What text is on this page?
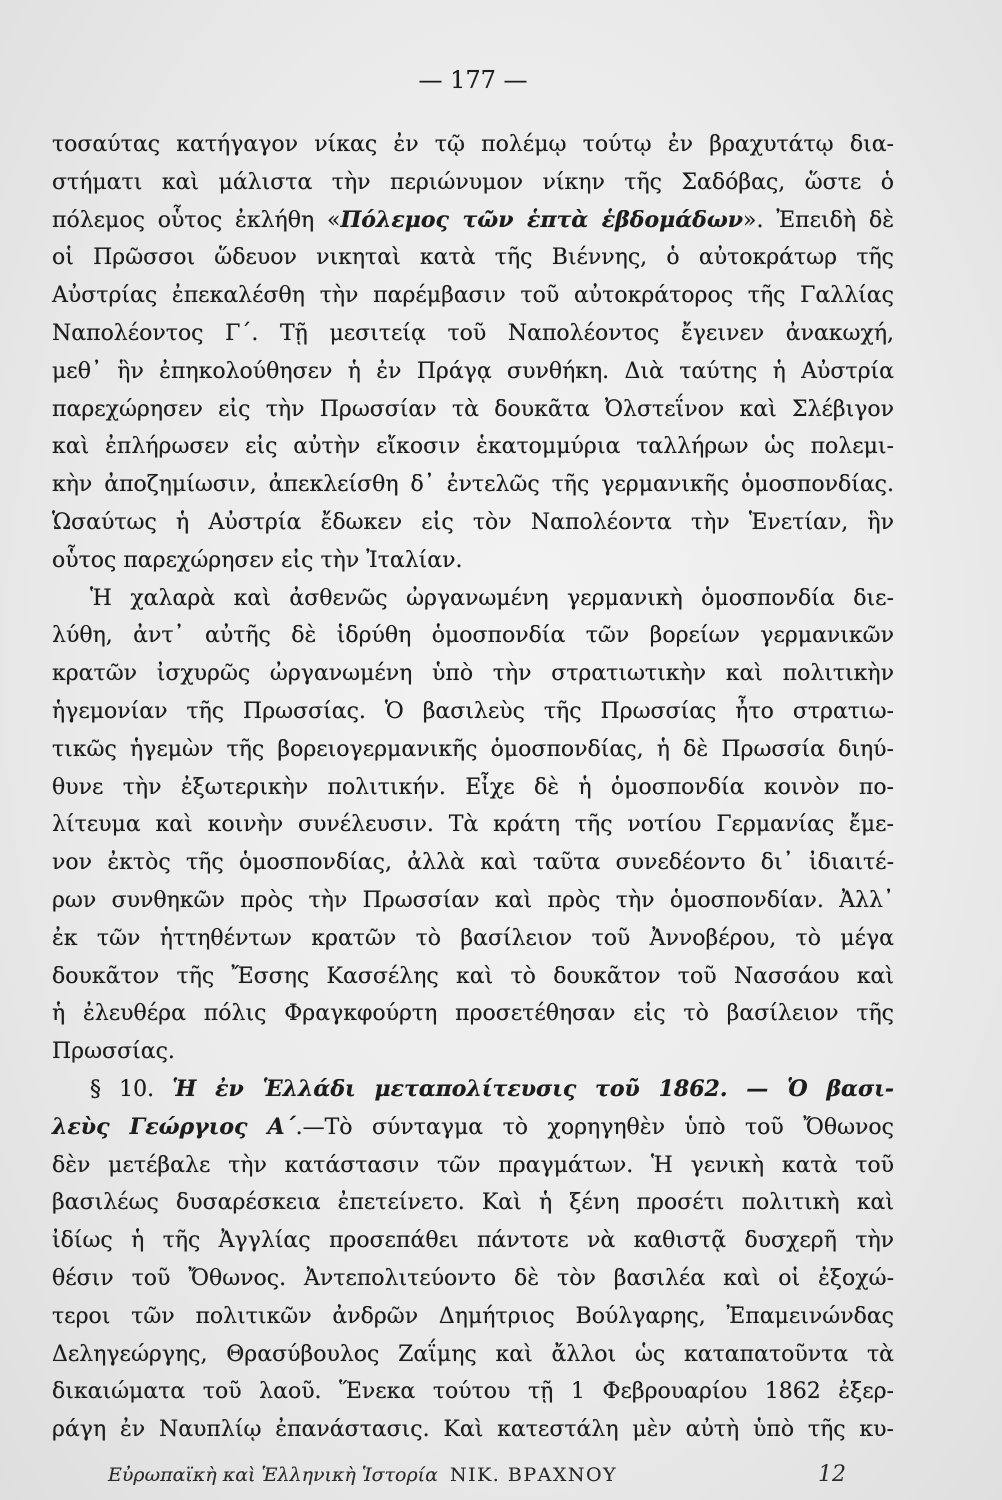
— 177 —
τοσαύτας κατήγαγον νίκας ἐν τῷ πολέμῳ τούτῳ ἐν βραχυτάτῳ δια-
στήματι καὶ μάλιστα τὴν περιώνυμον νίκην τῆς Σαδόβας, ὥστε ὁ
πόλεμος οὗτος ἐκλήθη «Πόλεμος τῶν ἑπτὰ ἑβδομάδων». Ἐπειδὴ δὲ
οἱ Πρῶσσοι ὥδευον νικηταὶ κατὰ τῆς Βιέννης, ὁ αὐτοκράτωρ τῆς
Αὐστρίας ἐπεκαλέσθη τὴν παρέμβασιν τοῦ αὐτοκράτορος τῆς Γαλλίας
Ναπολέοντος Γ΄. Τῇ μεσιτείᾳ τοῦ Ναπολέοντος ἔγεινεν ἀνακωχή,
μεθ᾽ ἣν ἐπηκολούθησεν ἡ ἐν Πράγᾳ συνθήκη. Διὰ ταύτης ἡ Αὐστρία
παρεχώρησεν εἰς τὴν Πρωσσίαν τὰ δουκᾶτα Ὀλστεΐνον καὶ Σλέβιγον
καὶ ἐπλήρωσεν εἰς αὐτὴν εἴκοσιν ἑκατομμύρια ταλλήρων ὡς πολεμι-
κὴν ἀποζημίωσιν, ἀπεκλείσθη δ᾽ ἐντελῶς τῆς γερμανικῆς ὁμοσπονδίας.
Ὡσαύτως ἡ Αὐστρία ἔδωκεν εἰς τὸν Ναπολέοντα τὴν Ἑνετίαν, ἣν
οὗτος παρεχώρησεν εἰς τὴν Ἰταλίαν.
Ἡ χαλαρὰ καὶ ἀσθενῶς ὠργανωμένη γερμανικὴ ὁμοσπονδία διε-
λύθη, ἀντ᾽ αὐτῆς δὲ ἱδρύθη ὁμοσπονδία τῶν βορείων γερμανικῶν
κρατῶν ἰσχυρῶς ὠργανωμένη ὑπὸ τὴν στρατιωτικὴν καὶ πολιτικὴν
ἡγεμονίαν τῆς Πρωσσίας. Ὁ βασιλεὺς τῆς Πρωσσίας ἦτο στρατιω-
τικῶς ἡγεμὼν τῆς βορειογερμανικῆς ὁμοσπονδίας, ἡ δὲ Πρωσσία διηύ-
θυνε τὴν ἐξωτερικὴν πολιτικήν. Εἶχε δὲ ἡ ὁμοσπονδία κοινὸν πο-
λίτευμα καὶ κοινὴν συνέλευσιν. Τὰ κράτη τῆς νοτίου Γερμανίας ἔμε-
νον ἐκτὸς τῆς ὁμοσπονδίας, ἀλλὰ καὶ ταῦτα συνεδέοντο δι᾽ ἰδιαιτέ-
ρων συνθηκῶν πρὸς τὴν Πρωσσίαν καὶ πρὸς τὴν ὁμοσπονδίαν. Ἀλλ᾽
ἐκ τῶν ἡττηθέντων κρατῶν τὸ βασίλειον τοῦ Ἀννοβέρου, τὸ μέγα
δουκᾶτον τῆς Ἔσσης Κασσέλης καὶ τὸ δουκᾶτον τοῦ Νασσάου καὶ
ἡ ἐλευθέρα πόλις Φραγκφούρτη προσετέθησαν εἰς τὸ βασίλειον τῆς
Πρωσσίας.
§ 10. Ἡ ἐν Ἑλλάδι μεταπολίτευσις τοῦ 1862. — Ὁ βασι-
λεὺς Γεώργιος Α΄.—Τὸ σύνταγμα τὸ χορηγηθὲν ὑπὸ τοῦ Ὄθωνος
δὲν μετέβαλε τὴν κατάστασιν τῶν πραγμάτων. Ἡ γενικὴ κατὰ τοῦ
βασιλέως δυσαρέσκεια ἐπετείνετο. Καὶ ἡ ξένη προσέτι πολιτικὴ καὶ
ἰδίως ἡ τῆς Ἀγγλίας προσεπάθει πάντοτε νὰ καθιστᾷ δυσχερῆ τὴν
θέσιν τοῦ Ὄθωνος. Ἀντεπολιτεύοντο δὲ τὸν βασιλέα καὶ οἱ ἐξοχώ-
τεροι τῶν πολιτικῶν ἀνδρῶν Δημήτριος Βούλγαρης, Ἐπαμεινώνδας
Δεληγεώργης, Θρασύβουλος Ζαΐμης καὶ ἄλλοι ὡς καταπατοῦντα τὰ
δικαιώματα τοῦ λαοῦ. Ἕνεκα τούτου τῇ 1 Φεβρουαρίου 1862 ἐξερ-
ράγη ἐν Ναυπλίῳ ἐπανάστασις. Καὶ κατεστάλη μὲν αὐτὴ ὑπὸ τῆς κυ-
Εὐρωπαϊκὴ καὶ Ἑλληνικὴ Ἱστορία ΝΙΚ. ΒΡΑΧΝΟΥ	12
